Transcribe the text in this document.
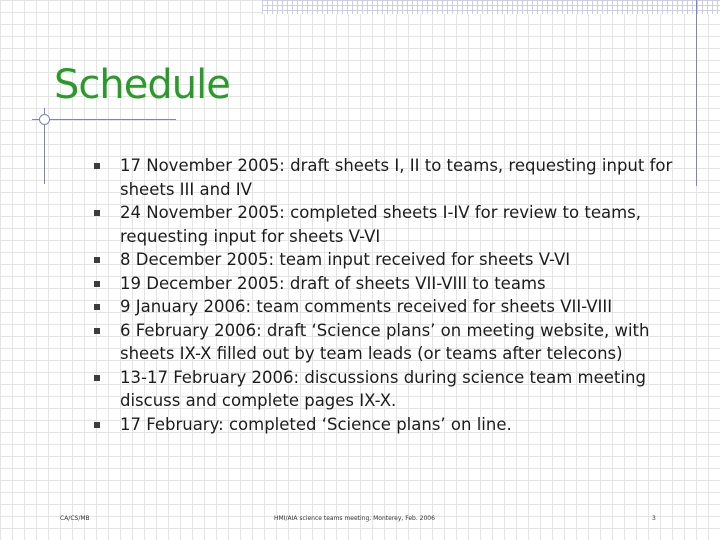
Schedule
17 November 2005: draft sheets I, II to teams, requesting input for sheets III and IV
24 November 2005: completed sheets I-IV for review to teams, requesting input for sheets V-VI
8 December 2005: team input received for sheets V-VI
19 December 2005: draft of sheets VII-VIII to teams
9 January 2006: team comments received for sheets VII-VIII
6 February 2006: draft ‘Science plans’ on meeting website, with sheets IX-X filled out by team leads (or teams after telecons)
13-17 February 2006: discussions during science team meeting discuss and complete pages IX-X.
17 February: completed ‘Science plans’ on line.
CA/CS/MB	HMI/AIA science teams meeting, Monterey, Feb. 2006	3
